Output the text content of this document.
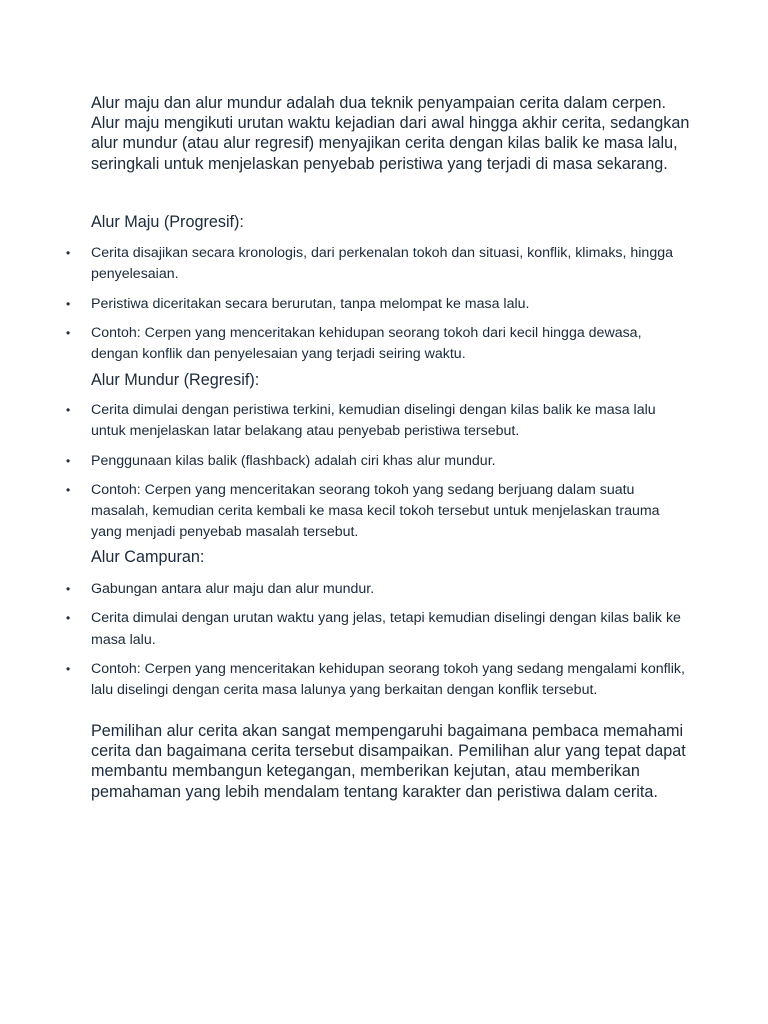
Alur maju dan alur mundur adalah dua teknik penyampaian cerita dalam cerpen. Alur maju mengikuti urutan waktu kejadian dari awal hingga akhir cerita, sedangkan alur mundur (atau alur regresif) menyajikan cerita dengan kilas balik ke masa lalu, seringkali untuk menjelaskan penyebab peristiwa yang terjadi di masa sekarang.

Alur Maju (Progresif):

• Cerita disajikan secara kronologis, dari perkenalan tokoh dan situasi, konflik, klimaks, hingga penyelesaian.
• Peristiwa diceritakan secara berurutan, tanpa melompat ke masa lalu.
• Contoh: Cerpen yang menceritakan kehidupan seorang tokoh dari kecil hingga dewasa, dengan konflik dan penyelesaian yang terjadi seiring waktu.

Alur Mundur (Regresif):

• Cerita dimulai dengan peristiwa terkini, kemudian diselingi dengan kilas balik ke masa lalu untuk menjelaskan latar belakang atau penyebab peristiwa tersebut.
• Penggunaan kilas balik (flashback) adalah ciri khas alur mundur.
• Contoh: Cerpen yang menceritakan seorang tokoh yang sedang berjuang dalam suatu masalah, kemudian cerita kembali ke masa kecil tokoh tersebut untuk menjelaskan trauma yang menjadi penyebab masalah tersebut.

Alur Campuran:

• Gabungan antara alur maju dan alur mundur.
• Cerita dimulai dengan urutan waktu yang jelas, tetapi kemudian diselingi dengan kilas balik ke masa lalu.
• Contoh: Cerpen yang menceritakan kehidupan seorang tokoh yang sedang mengalami konflik, lalu diselingi dengan cerita masa lalunya yang berkaitan dengan konflik tersebut.

Pemilihan alur cerita akan sangat mempengaruhi bagaimana pembaca memahami cerita dan bagaimana cerita tersebut disampaikan. Pemilihan alur yang tepat dapat membantu membangun ketegangan, memberikan kejutan, atau memberikan pemahaman yang lebih mendalam tentang karakter dan peristiwa dalam cerita.
